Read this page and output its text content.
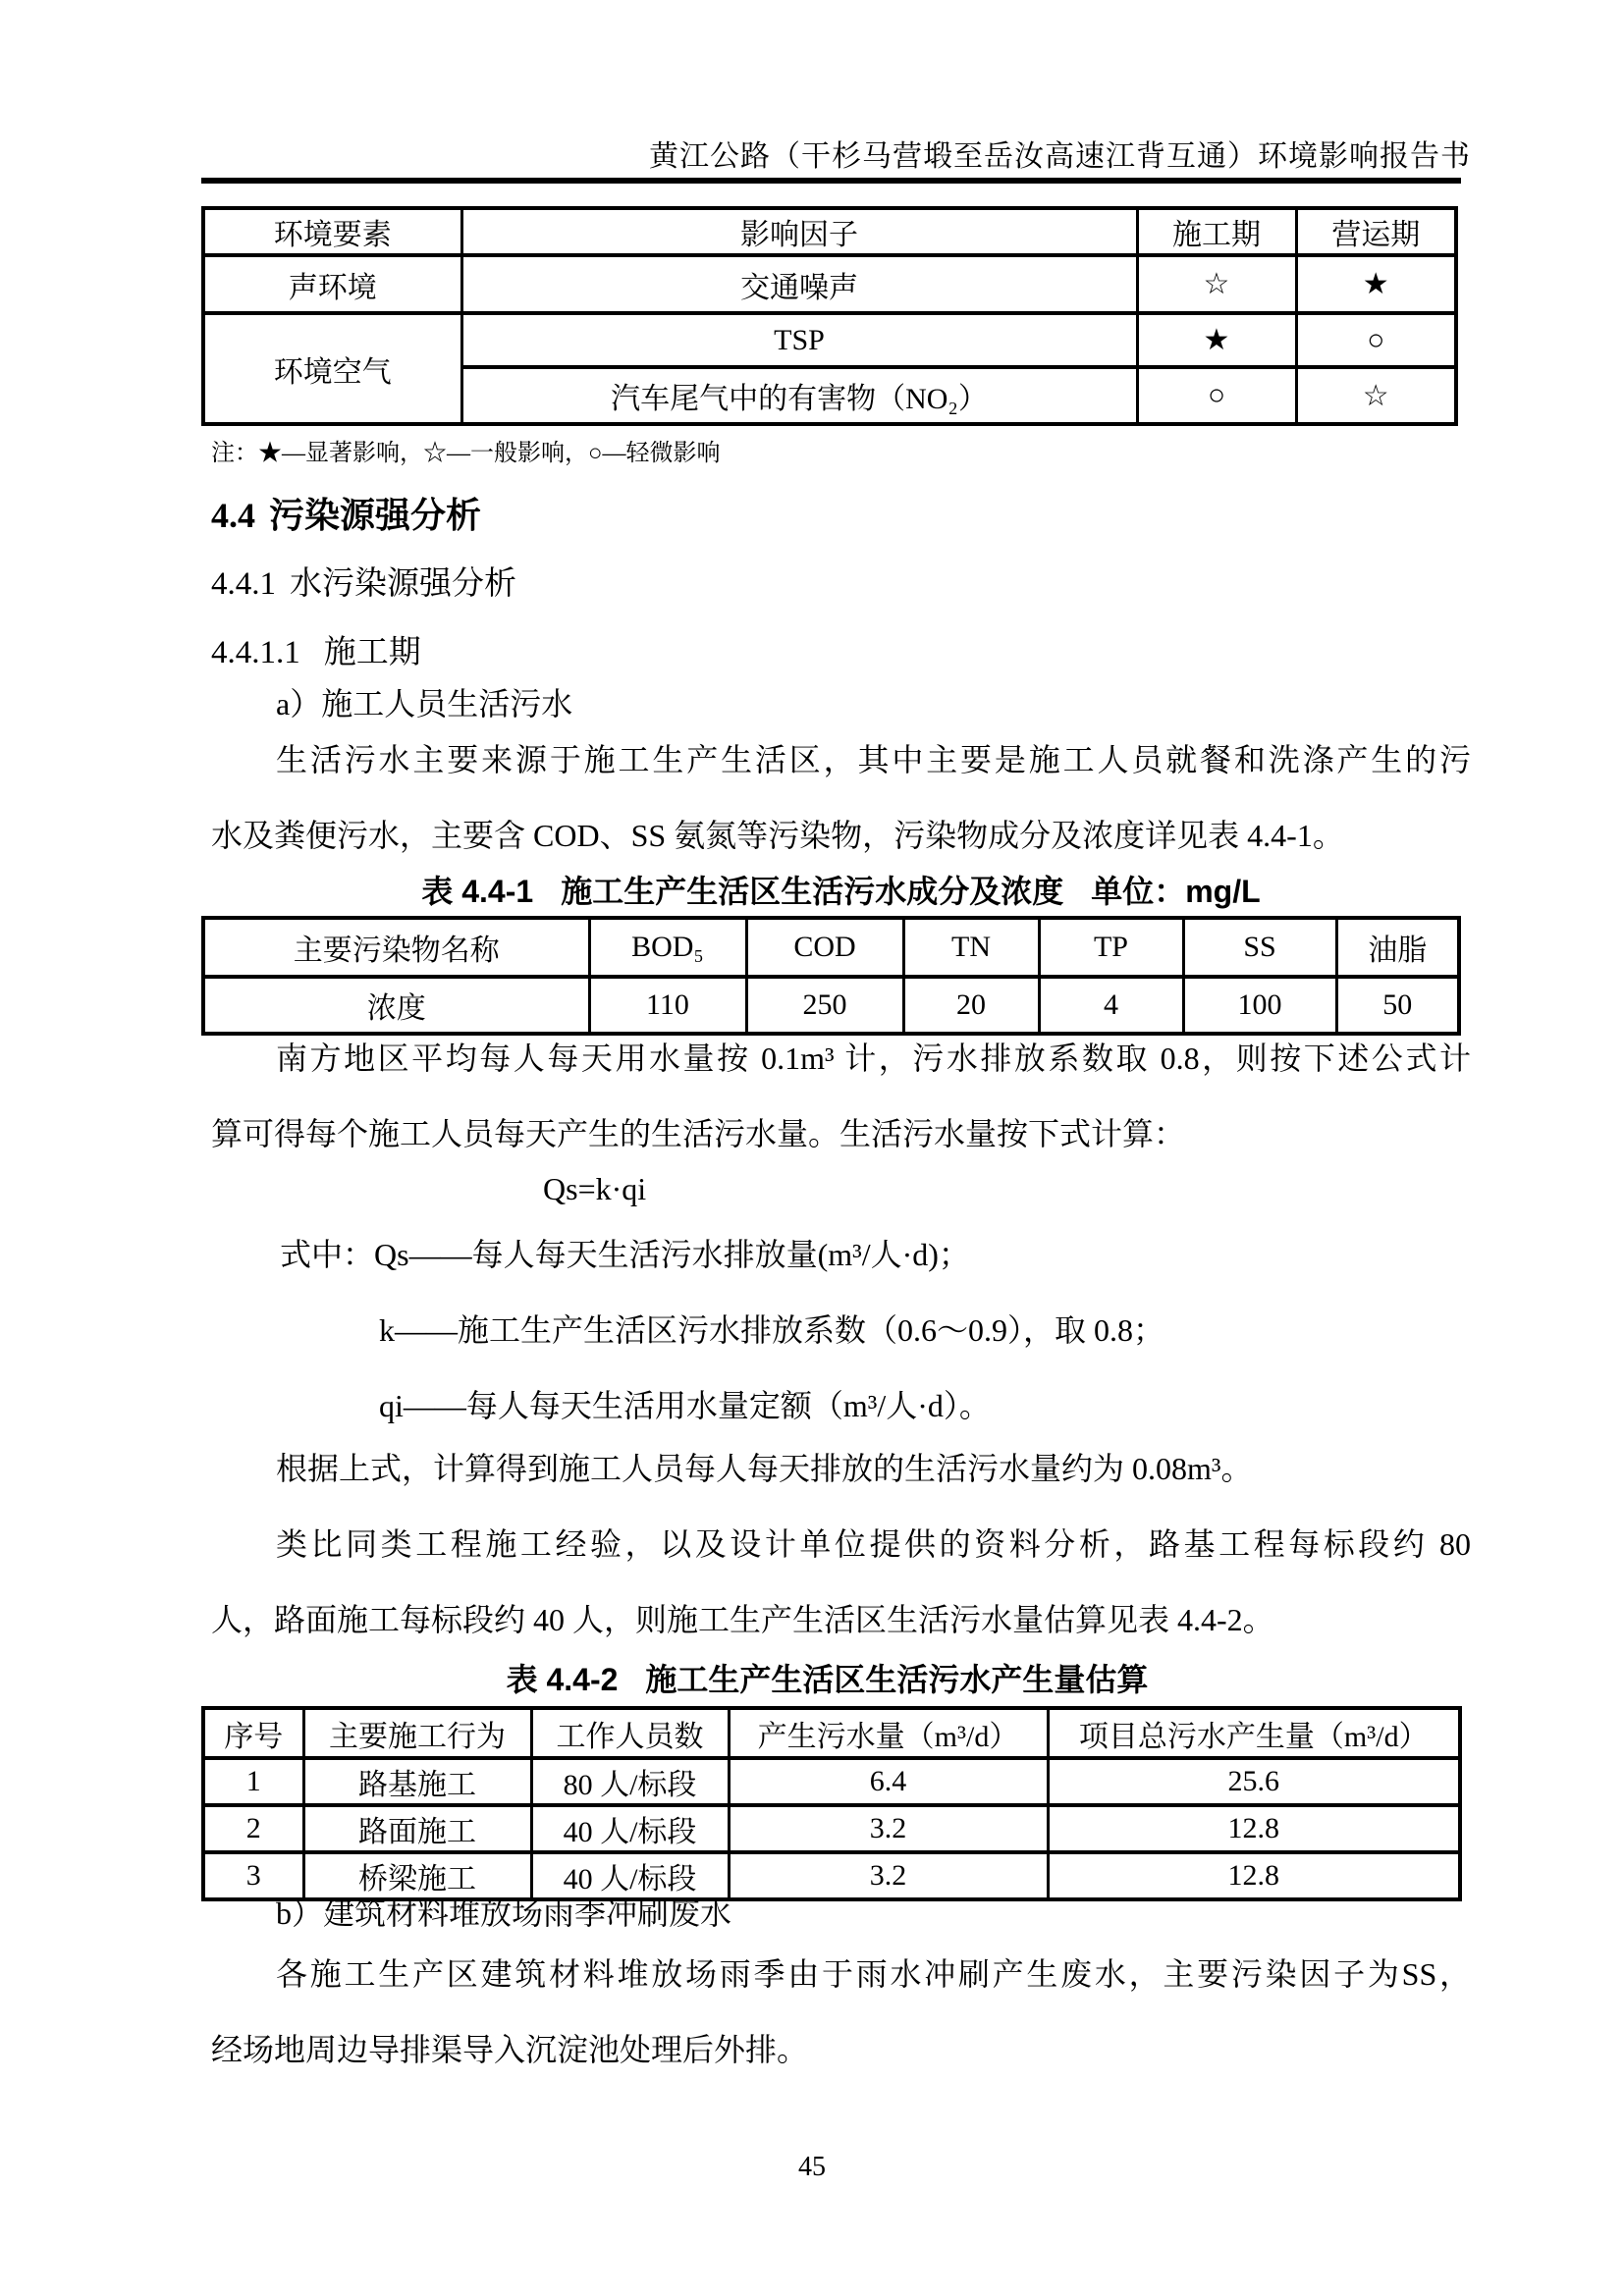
黄江公路（干杉马营塅至岳汝高速江背互通）环境影响报告书
环境要素	影响因子	施工期	营运期
声环境	交通噪声	☆	★
环境空气	TSP	★	○
	汽车尾气中的有害物（NO₂）	○	☆
注：★—显著影响，☆—一般影响，○—轻微影响
4.4 污染源强分析
4.4.1 水污染源强分析
4.4.1.1 施工期
a）施工人员生活污水
生活污水主要来源于施工生产生活区，其中主要是施工人员就餐和洗涤产生的污
水及粪便污水，主要含 COD、SS 氨氮等污染物，污染物成分及浓度详见表 4.4-1。
表 4.4-1 施工生产生活区生活污水成分及浓度 单位：mg/L
主要污染物名称	BOD₅	COD	TN	TP	SS	油脂
浓度	110	250	20	4	100	50
南方地区平均每人每天用水量按 0.1m³ 计，污水排放系数取 0.8，则按下述公式计
算可得每个施工人员每天产生的生活污水量。生活污水量按下式计算：
Qs=k·qi
式中：Qs——每人每天生活污水排放量(m³/人·d)；
k——施工生产生活区污水排放系数（0.6～0.9），取 0.8；
qi——每人每天生活用水量定额（m³/人·d）。
根据上式，计算得到施工人员每人每天排放的生活污水量约为 0.08m³。
类比同类工程施工经验，以及设计单位提供的资料分析，路基工程每标段约 80
人，路面施工每标段约 40 人，则施工生产生活区生活污水量估算见表 4.4-2。
表 4.4-2 施工生产生活区生活污水产生量估算
序号	主要施工行为	工作人员数	产生污水量（m³/d）	项目总污水产生量（m³/d）
1	路基施工	80 人/标段	6.4	25.6
2	路面施工	40 人/标段	3.2	12.8
3	桥梁施工	40 人/标段	3.2	12.8
b）建筑材料堆放场雨季冲刷废水
各施工生产区建筑材料堆放场雨季由于雨水冲刷产生废水，主要污染因子为SS，
经场地周边导排渠导入沉淀池处理后外排。
45
